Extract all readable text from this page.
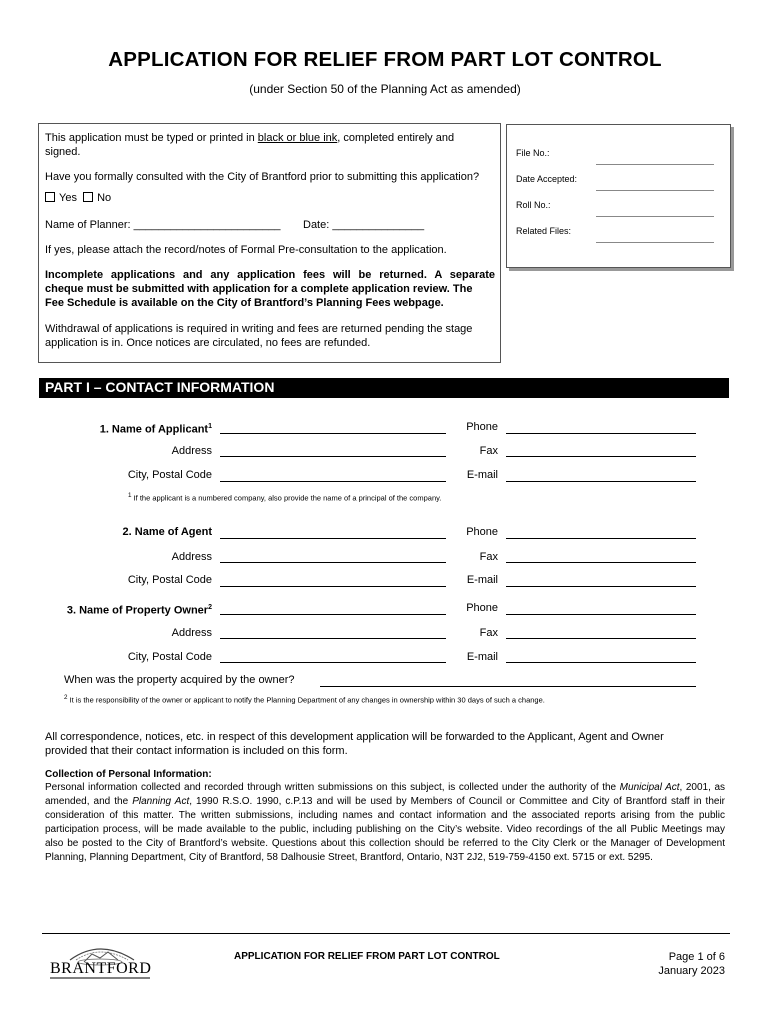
APPLICATION FOR RELIEF FROM PART LOT CONTROL
(under Section 50 of the Planning Act as amended)
This application must be typed or printed in black or blue ink, completed entirely and
signed.
Have you formally consulted with the City of Brantford prior to submitting this application?
Yes No
Name of Planner: ________________________ Date: _______________
If yes, please attach the record/notes of Formal Pre-consultation to the application.
Incomplete applications and any application fees will be returned. A separate
cheque must be submitted with application for a complete application review. The
Fee Schedule is available on the City of Brantford’s Planning Fees webpage.
Withdrawal of applications is required in writing and fees are returned pending the stage
application is in. Once notices are circulated, no fees are refunded.
File No.:
Date Accepted:
Roll No.:
Related Files:
PART I – CONTACT INFORMATION
1. Name of Applicant$^1$
Address
City, Postal Code
Phone
Fax
E-mail
$^1$ If the applicant is a numbered company, also provide the name of a principal of the company.
2. Name of Agent
Address
City, Postal Code
Phone
Fax
E-mail
3. Name of Property Owner$^2$
Address
City, Postal Code
Phone
Fax
E-mail
When was the property acquired by the owner?
$^2$ It is the responsibility of the owner or applicant to notify the Planning Department of any changes in ownership within 30 days of such a change.
All correspondence, notices, etc. in respect of this development application will be forwarded to the Applicant, Agent and Owner
provided that their contact information is included on this form.
Collection of Personal Information:
Personal information collected and recorded through written submissions on this subject, is collected under the authority of the Municipal Act, 2001, as
amended, and the Planning Act, 1990 R.S.O. 1990, c.P.13 and will be used by Members of Council or Committee and City of Brantford staff in their
consideration of this matter. The written submissions, including names and contact information and the associated reports arising from the public
participation process, will be made available to the public, including publishing on the City’s website. Video recordings of the all Public Meetings may
also be posted to the City of Brantford’s website. Questions about this collection should be referred to the City Clerk or the Manager of Development
Planning, Planning Department, City of Brantford, 58 Dalhousie Street, Brantford, Ontario, N3T 2J2, 519-759-4150 ext. 5715 or ext. 5295.
BRANTFORD
APPLICATION FOR RELIEF FROM PART LOT CONTROL	Page 1 of 6
January 2023
